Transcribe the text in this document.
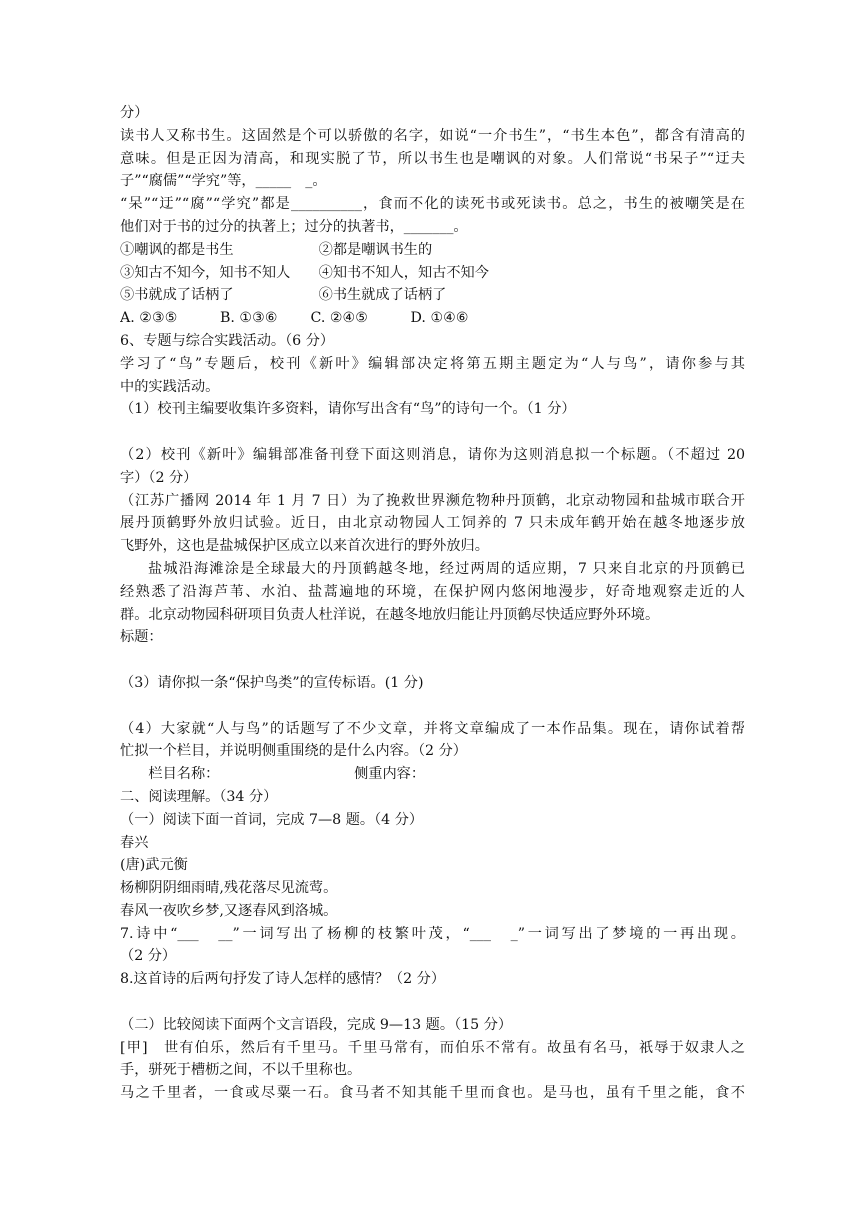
分）
读书人又称书生。这固然是个可以骄傲的名字，如说“一介书生”，“书生本色”，都含有清高的
意味。但是正因为清高，和现实脱了节，所以书生也是嘲讽的对象。人们常说“书呆子”“迂夫
子”“腐儒”“学究”等，_____　_。
“呆”“迂”“腐”“学究”都是__________，食而不化的读死书或死读书。总之，书生的被嘲笑是在
他们对于书的过分的执著上；过分的执著书，_______。
①嘲讽的都是书生　　　　　　②都是嘲讽书生的
③知古不知今，知书不知人　　④知书不知人，知古不知今
⑤书就成了话柄了　　　　　　⑥书生就成了话柄了
A. ②③⑤　　　B. ①③⑥　　 C. ②④⑤　　　D. ①④⑥
6、专题与综合实践活动。（6 分）
学习了“鸟”专题后，校刊《新叶》编辑部决定将第五期主题定为“人与鸟”，请你参与其
中的实践活动。
（1）校刊主编要收集许多资料，请你写出含有“鸟”的诗句一个。（1 分）
（2）校刊《新叶》编辑部准备刊登下面这则消息，请你为这则消息拟一个标题。（不超过 20
字）（2 分）
（江苏广播网 2014 年 1 月 7 日）为了挽救世界濒危物种丹顶鹤，北京动物园和盐城市联合开
展丹顶鹤野外放归试验。近日，由北京动物园人工饲养的 7 只未成年鹤开始在越冬地逐步放
飞野外，这也是盐城保护区成立以来首次进行的野外放归。
盐城沿海滩涂是全球最大的丹顶鹤越冬地，经过两周的适应期，7 只来自北京的丹顶鹤已
经熟悉了沿海芦苇、水泊、盐蒿遍地的环境，在保护网内悠闲地漫步，好奇地观察走近的人
群。北京动物园科研项目负责人杜洋说，在越冬地放归能让丹顶鹤尽快适应野外环境。
标题：
（3）请你拟一条“保护鸟类”的宣传标语。(1 分)
（4）大家就“人与鸟”的话题写了不少文章，并将文章编成了一本作品集。现在，请你试着帮
忙拟一个栏目，并说明侧重围绕的是什么内容。（2 分）
　　栏目名称：　　　　　　　　　　侧重内容：
二、阅读理解。（34 分）
（一）阅读下面一首词，完成 7—8 题。（4 分）
春兴
(唐)武元衡
杨柳阴阴细雨晴,残花落尽见流莺。
春风一夜吹乡梦,又逐春风到洛城。
7.诗中“___　__”一词写出了杨柳的枝繁叶茂，“___　_”一词写出了梦境的一再出现。
（2 分）
8.这首诗的后两句抒发了诗人怎样的感情？（2 分）
（二）比较阅读下面两个文言语段，完成 9—13 题。（15 分）
[甲]　世有伯乐，然后有千里马。千里马常有，而伯乐不常有。故虽有名马，祇辱于奴隶人之
手，骈死于槽枥之间，不以千里称也。
马之千里者，一食或尽粟一石。食马者不知其能千里而食也。是马也，虽有千里之能，食不
